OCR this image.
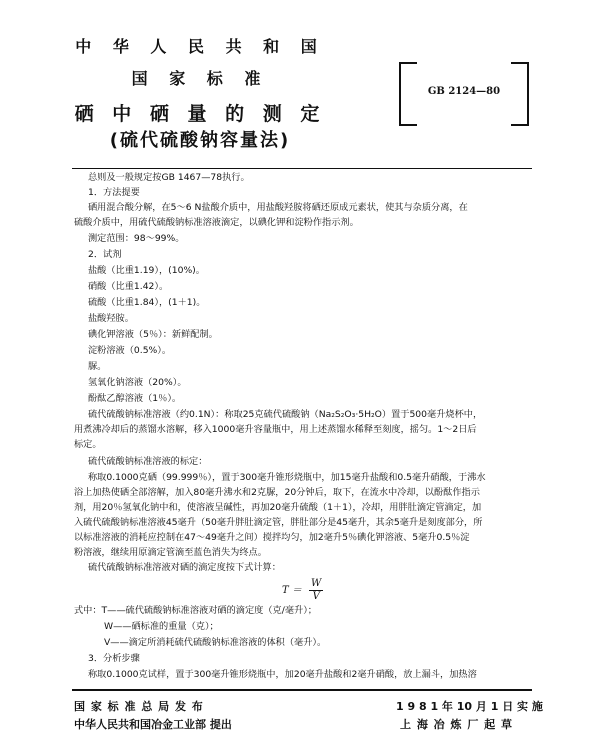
中 华 人 民 共 和 国
国 家 标 准
硒 中 硒 量 的 测 定
(硫代硫酸钠容量法)
GB 2124—80
总则及一般规定按GB 1467—78执行。
1．方法提要
硒用混合酸分解，在5～6 N盐酸介质中，用盐酸羟胺将硒还原成元素状，使其与杂质分离，在
硫酸介质中，用硫代硫酸钠标准溶液滴定，以碘化钾和淀粉作指示剂。
测定范围：98～99%。
2．试剂
盐酸（比重1.19），(10%)。
硝酸（比重1.42）。
硫酸（比重1.84），(1＋1)。
盐酸羟胺。
碘化钾溶液（5％）：新鲜配制。
淀粉溶液（0.5%）。
脲。
氢氧化钠溶液（20%）。
酚酞乙醇溶液（1％）。
硫代硫酸钠标准溶液（约0.1N）：称取25克硫代硫酸钠（Na₂S₂O₃·5H₂O）置于500毫升烧杯中，
用煮沸冷却后的蒸馏水溶解，移入1000毫升容量瓶中，用上述蒸馏水稀释至刻度，摇匀。1～2日后
标定。
硫代硫酸钠标准溶液的标定：
称取0.1000克硒（99.999％），置于300毫升锥形烧瓶中，加15毫升盐酸和0.5毫升硝酸，于沸水
浴上加热使硒全部溶解，加入80毫升沸水和2克脲，20分钟后，取下，在流水中冷却，以酚酞作指示
剂，用20％氢氧化钠中和，使溶液呈碱性，再加20毫升硫酸（1＋1），冷却，用胖肚滴定管滴定，加
入硫代硫酸钠标准溶液45毫升（50毫升胖肚滴定管，胖肚部分是45毫升，其余5毫升是刻度部分，所
以标准溶液的消耗应控制在47～49毫升之间）搅拌均匀，加2毫升5％碘化钾溶液、5毫升0.5％淀
粉溶液，继续用原滴定管滴至蓝色消失为终点。
硫代硫酸钠标准溶液对硒的滴定度按下式计算：
$T = \frac{W}{V}$
式中：T——硫代硫酸钠标准溶液对硒的滴定度（克/毫升）；
W——硒标准的重量（克）；
V——滴定所消耗硫代硫酸钠标准溶液的体积（毫升）。
3．分析步骤
称取0.1000克试样，置于300毫升锥形烧瓶中，加20毫升盐酸和2毫升硝酸，放上漏斗，加热溶
国 家 标 准 总 局 发 布	1 9 8 1 年 10 月 1 日 实 施
中华人民共和国冶金工业部 提出	上 海 冶 炼 厂 起 草
